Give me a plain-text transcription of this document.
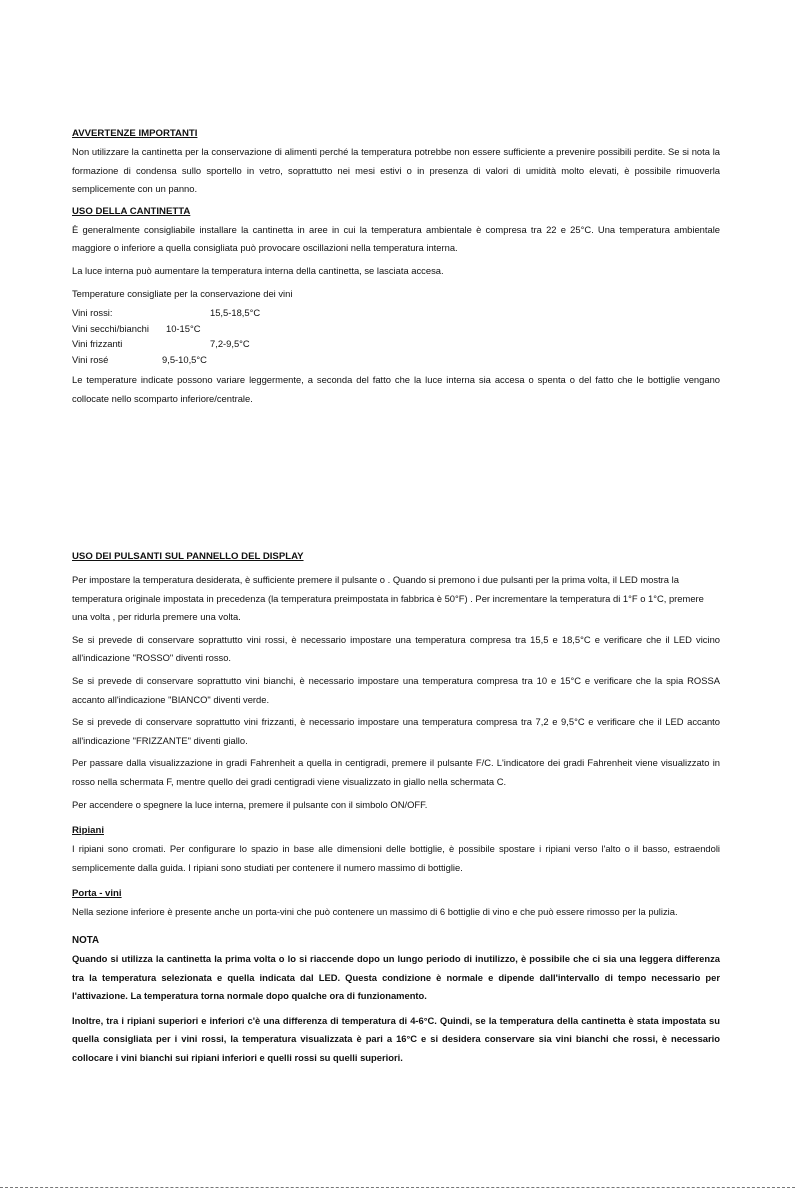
AVVERTENZE IMPORTANTI

Non utilizzare la cantinetta per la conservazione di alimenti perché la temperatura potrebbe non essere sufficiente a prevenire possibili perdite. Se si nota la formazione di condensa sullo sportello in vetro, soprattutto nei mesi estivi o in presenza di valori di umidità molto elevati, è possibile rimuoverla semplicemente con un panno.

USO DELLA CANTINETTA

È generalmente consigliabile installare la cantinetta in aree in cui la temperatura ambientale è compresa tra 22 e 25°C. Una temperatura ambientale maggiore o inferiore a quella consigliata può provocare oscillazioni nella temperatura interna.

La luce interna può aumentare la temperatura interna della cantinetta, se lasciata accesa.

Temperature consigliate per la conservazione dei vini

Vini rossi:	15,5-18,5°C
Vini secchi/bianchi 10-15°C
Vini frizzanti	7,2-9,5°C
Vini rosé	9,5-10,5°C

Le temperature indicate possono variare leggermente, a seconda del fatto che la luce interna sia accesa o spenta o del fatto che le bottiglie vengano collocate nello scomparto inferiore/centrale.

USO DEI PULSANTI SUL PANNELLO DEL DISPLAY

Per impostare la temperatura desiderata, è sufficiente premere il pulsante o . Quando si premono i due pulsanti per la prima volta, il LED mostra la temperatura originale impostata in precedenza (la temperatura preimpostata in fabbrica è 50°F) . Per incrementare la temperatura di 1°F o 1°C, premere una volta , per ridurla premere una volta.

Se si prevede di conservare soprattutto vini rossi, è necessario impostare una temperatura compresa tra 15,5 e 18,5°C e verificare che il LED vicino all'indicazione "ROSSO" diventi rosso.

Se si prevede di conservare soprattutto vini bianchi, è necessario impostare una temperatura compresa tra 10 e 15°C e verificare che la spia ROSSA accanto all'indicazione "BIANCO" diventi verde.

Se si prevede di conservare soprattutto vini frizzanti, è necessario impostare una temperatura compresa tra 7,2 e 9,5°C e verificare che il LED accanto all'indicazione "FRIZZANTE" diventi giallo.

Per passare dalla visualizzazione in gradi Fahrenheit a quella in centigradi, premere il pulsante F/C. L'indicatore dei gradi Fahrenheit viene visualizzato in rosso nella schermata F, mentre quello dei gradi centigradi viene visualizzato in giallo nella schermata C.

Per accendere o spegnere la luce interna, premere il pulsante con il simbolo ON/OFF.

Ripiani

I ripiani sono cromati. Per configurare lo spazio in base alle dimensioni delle bottiglie, è possibile spostare i ripiani verso l'alto o il basso, estraendoli semplicemente dalla guida. I ripiani sono studiati per contenere il numero massimo di bottiglie.

Porta - vini

Nella sezione inferiore è presente anche un porta-vini che può contenere un massimo di 6 bottiglie di vino e che può essere rimosso per la pulizia.

NOTA

Quando si utilizza la cantinetta la prima volta o lo si riaccende dopo un lungo periodo di inutilizzo, è possibile che ci sia una leggera differenza tra la temperatura selezionata e quella indicata dal LED. Questa condizione è normale e dipende dall'intervallo di tempo necessario per l'attivazione. La temperatura torna normale dopo qualche ora di funzionamento.

Inoltre, tra i ripiani superiori e inferiori c'è una differenza di temperatura di 4-6°C. Quindi, se la temperatura della cantinetta è stata impostata su quella consigliata per i vini rossi, la temperatura visualizzata è pari a 16°C e si desidera conservare sia vini bianchi che rossi, è necessario collocare i vini bianchi sui ripiani inferiori e quelli rossi su quelli superiori.
